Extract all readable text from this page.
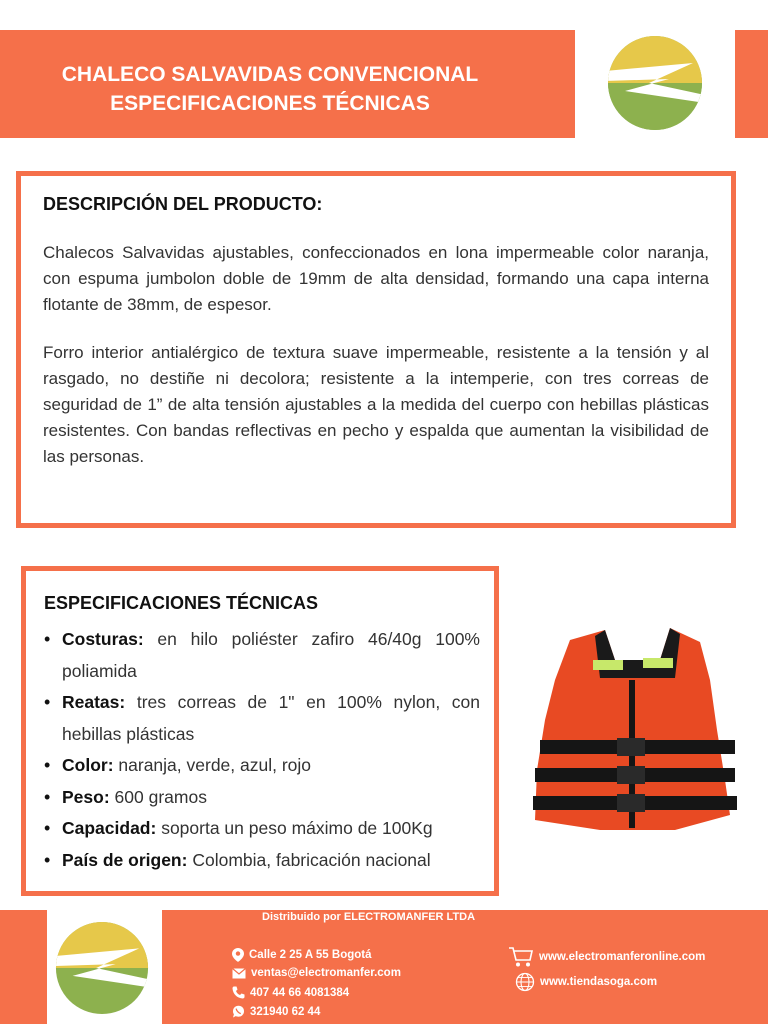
CHALECO SALVAVIDAS CONVENCIONAL
ESPECIFICACIONES TÉCNICAS
DESCRIPCIÓN DEL PRODUCTO:

Chalecos Salvavidas ajustables, confeccionados en lona impermeable color naranja, con espuma jumbolon doble de 19mm de alta densidad, formando una capa interna flotante de 38mm, de espesor.

Forro interior antialérgico de textura suave impermeable, resistente a la tensión y al rasgado, no destiñe ni decolora; resistente a la intemperie, con tres correas de seguridad de 1” de alta tensión ajustables a la medida del cuerpo con hebillas plásticas resistentes. Con bandas reflectivas en pecho y espalda que aumentan la visibilidad de las personas.

ESPECIFICACIONES TÉCNICAS
• Costuras: en hilo poliéster zafiro 46/40g 100% poliamida
• Reatas: tres correas de 1" en 100% nylon, con hebillas plásticas
• Color: naranja, verde, azul, rojo
• Peso: 600 gramos
• Capacidad: soporta un peso máximo de 100Kg
• País de origen: Colombia, fabricación nacional
Distribuido por ELECTROMANFER LTDA
Calle 2 25 A 55 Bogotá
ventas@electromanfer.com
407 44 66 4081384
321940 62 44
www.electromanferonline.com
www.tiendasoga.com
